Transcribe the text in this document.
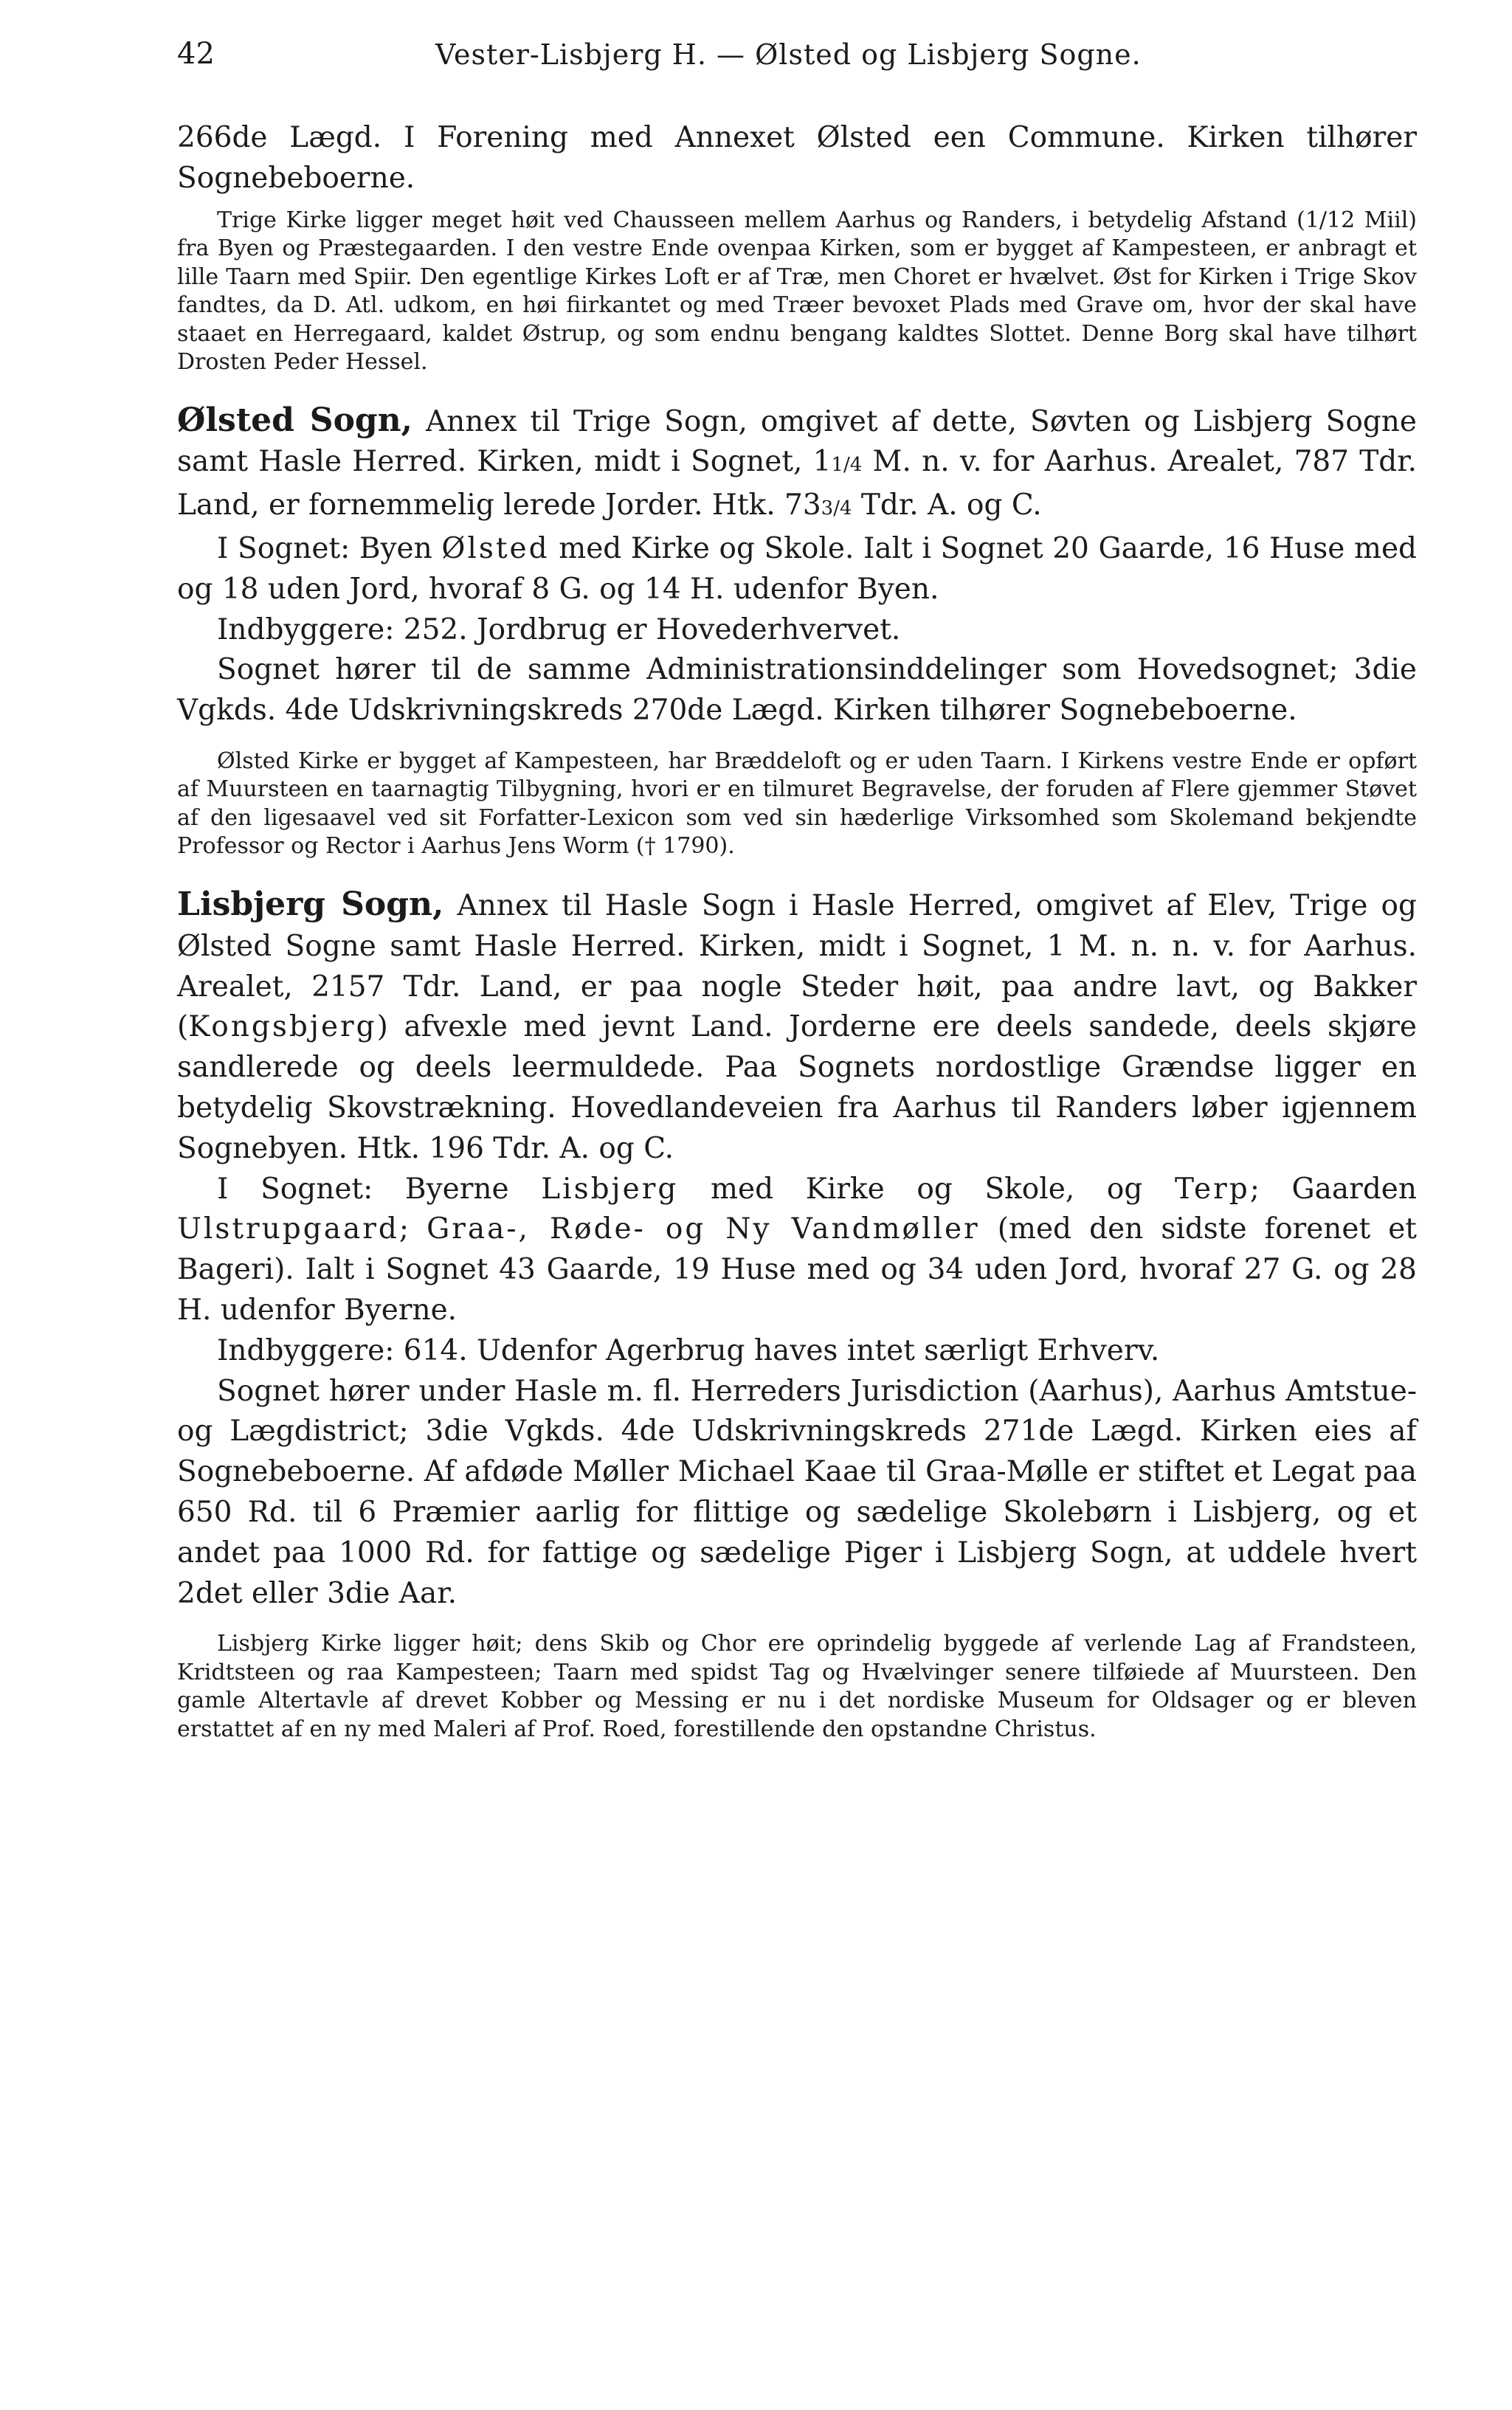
42	Vester-Lisbjerg H. — Ølsted og Lisbjerg Sogne.

266de Lægd. I Forening med Annexet Ølsted een Commune. Kirken tilhører Sognebeboerne.

Trige Kirke ligger meget høit ved Chausseen mellem Aarhus og Randers, i betydelig Afstand (1/12 Miil) fra Byen og Præstegaarden. I den vestre Ende ovenpaa Kirken, som er bygget af Kampesteen, er anbragt et lille Taarn med Spiir. Den egentlige Kirkes Loft er af Træ, men Choret er hvælvet. Øst for Kirken i Trige Skov fandtes, da D. Atl. udkom, en høi fiirkantet og med Træer bevoxet Plads med Grave om, hvor der skal have staaet en Herregaard, kaldet Østrup, og som endnu bengang kaldtes Slottet. Denne Borg skal have tilhørt Drosten Peder Hessel.

Ølsted Sogn, Annex til Trige Sogn, omgivet af dette, Søvten og Lisbjerg Sogne samt Hasle Herred. Kirken, midt i Sognet, 11/4 M. n. v. for Aarhus. Arealet, 787 Tdr. Land, er fornemmelig lerede Jorder. Htk. 733/4 Tdr. A. og C.

I Sognet: Byen Ølsted med Kirke og Skole. Ialt i Sognet 20 Gaarde, 16 Huse med og 18 uden Jord, hvoraf 8 G. og 14 H. udenfor Byen.

Indbyggere: 252. Jordbrug er Hovederhvervet.

Sognet hører til de samme Administrationsinddelinger som Hovedsognet; 3die Vgkds. 4de Udskrivningskreds 270de Lægd. Kirken tilhører Sognebeboerne.

Ølsted Kirke er bygget af Kampesteen, har Bræddeloft og er uden Taarn. I Kirkens vestre Ende er opført af Muursteen en taarnagtig Tilbygning, hvori er en tilmuret Begravelse, der foruden af Flere gjemmer Støvet af den ligesaavel ved sit Forfatter-Lexicon som ved sin hæderlige Virksomhed som Skolemand bekjendte Professor og Rector i Aarhus Jens Worm († 1790).

Lisbjerg Sogn, Annex til Hasle Sogn i Hasle Herred, omgivet af Elev, Trige og Ølsted Sogne samt Hasle Herred. Kirken, midt i Sognet, 1 M. n. n. v. for Aarhus. Arealet, 2157 Tdr. Land, er paa nogle Steder høit, paa andre lavt, og Bakker (Kongsbjerg) afvexle med jevnt Land. Jorderne ere deels sandede, deels skjøre sandlerede og deels leermuldede. Paa Sognets nordostlige Grændse ligger en betydelig Skovstrækning. Hovedlandeveien fra Aarhus til Randers løber igjennem Sognebyen. Htk. 196 Tdr. A. og C.

I Sognet: Byerne Lisbjerg med Kirke og Skole, og Terp; Gaarden Ulstrupgaard; Graa-, Røde- og Ny Vandmøller (med den sidste forenet et Bageri). Ialt i Sognet 43 Gaarde, 19 Huse med og 34 uden Jord, hvoraf 27 G. og 28 H. udenfor Byerne.

Indbyggere: 614. Udenfor Agerbrug haves intet særligt Erhverv.

Sognet hører under Hasle m. fl. Herreders Jurisdiction (Aarhus), Aarhus Amtstue- og Lægdistrict; 3die Vgkds. 4de Udskrivningskreds 271de Lægd. Kirken eies af Sognebeboerne. Af afdøde Møller Michael Kaae til Graa-Mølle er stiftet et Legat paa 650 Rd. til 6 Præmier aarlig for flittige og sædelige Skolebørn i Lisbjerg, og et andet paa 1000 Rd. for fattige og sædelige Piger i Lisbjerg Sogn, at uddele hvert 2det eller 3die Aar.

Lisbjerg Kirke ligger høit; dens Skib og Chor ere oprindelig byggede af verlende Lag af Frandsteen, Kridtsteen og raa Kampesteen; Taarn med spidst Tag og Hvælvinger senere tilføiede af Muursteen. Den gamle Altertavle af drevet Kobber og Messing er nu i det nordiske Museum for Oldsager og er bleven erstattet af en ny med Maleri af Prof. Roed, forestillende den opstandne Christus.
